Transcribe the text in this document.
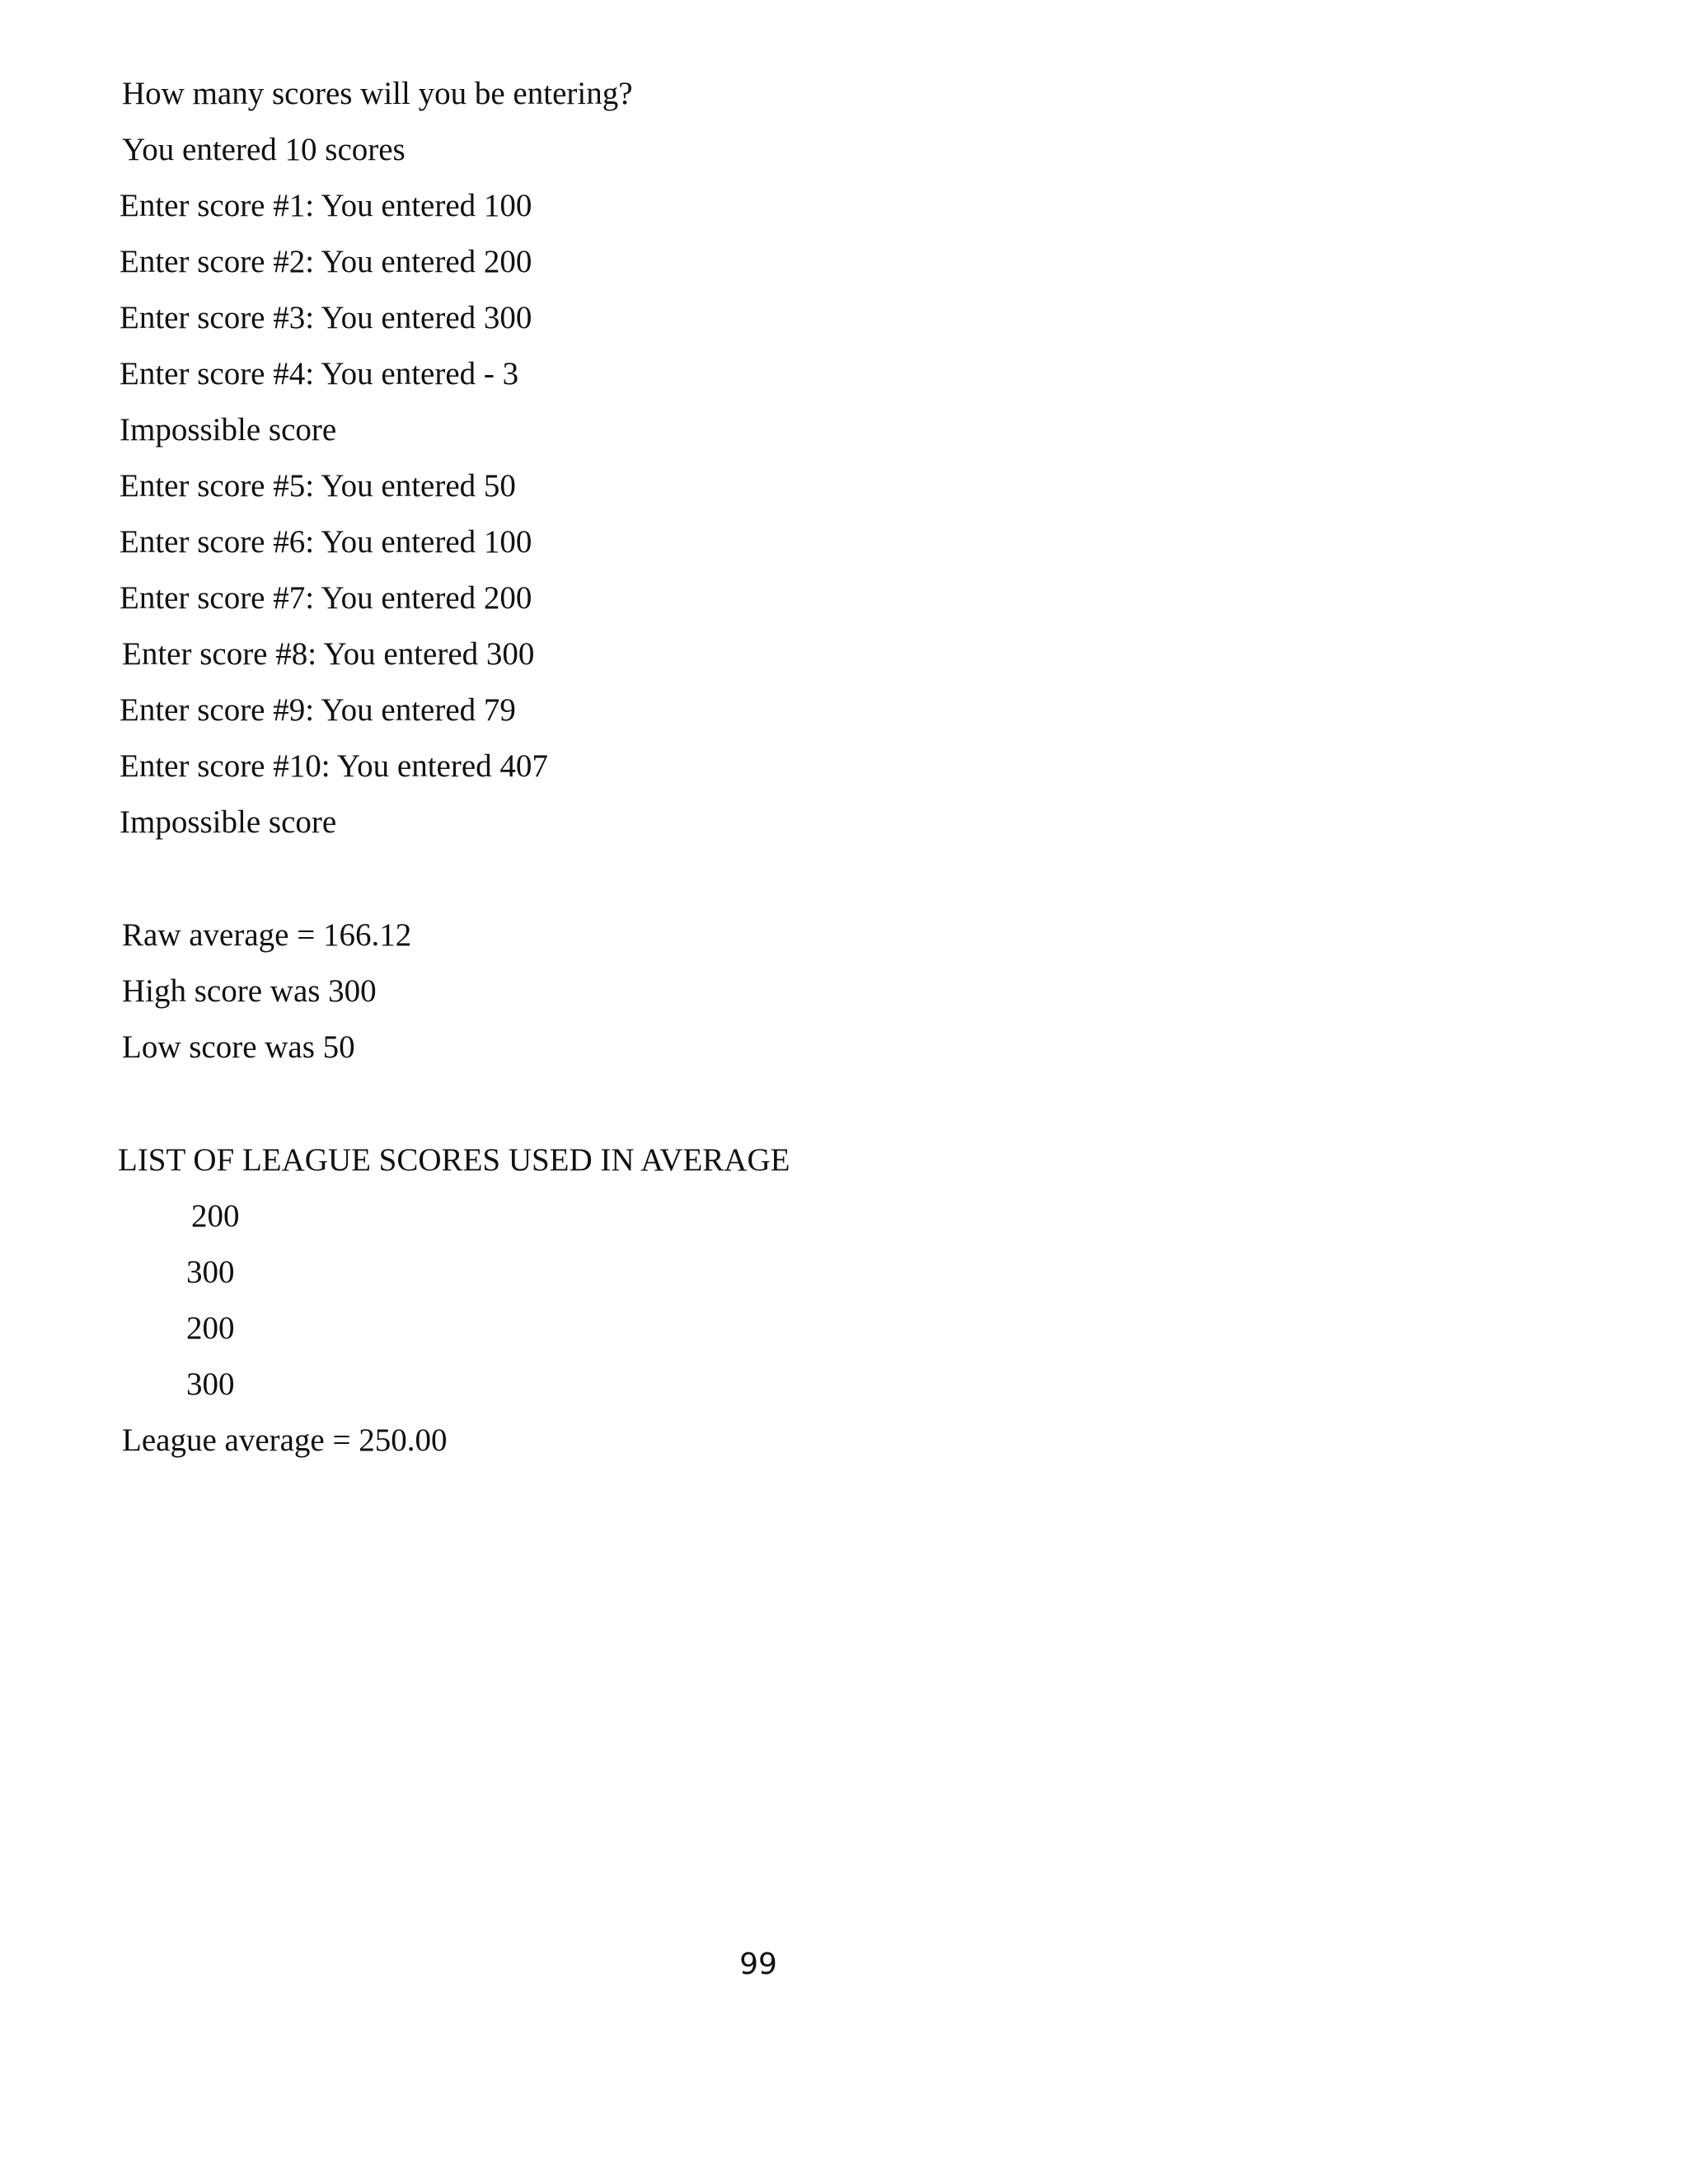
How many scores will you be entering?
You entered 10 scores
Enter score #1: You entered 100
Enter score #2: You entered 200
Enter score #3: You entered 300
Enter score #4: You entered - 3
Impossible score
Enter score #5: You entered 50
Enter score #6: You entered 100
Enter score #7: You entered 200
Enter score #8: You entered 300
Enter score #9: You entered 79
Enter score #10: You entered 407
Impossible score
Raw average = 166.12
High score was 300
Low score was 50
LIST OF LEAGUE SCORES USED IN AVERAGE
200
300
200
300
League average = 250.00
99
